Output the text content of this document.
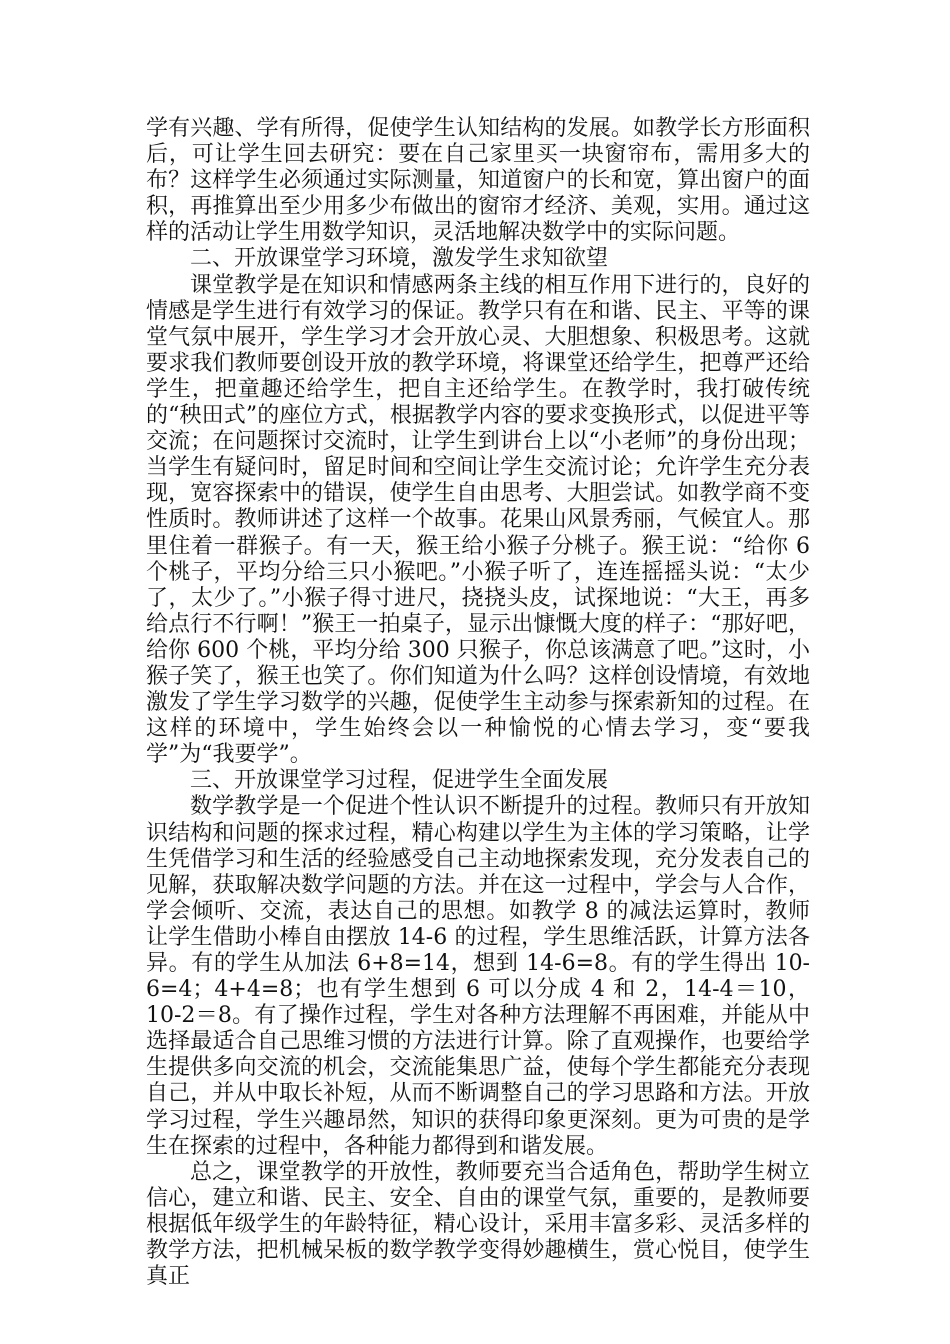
学有兴趣、学有所得，促使学生认知结构的发展。如教学长方形面积后，可让学生回去研究：要在自己家里买一块窗帘布，需用多大的布？这样学生必须通过实际测量，知道窗户的长和宽，算出窗户的面积，再推算出至少用多少布做出的窗帘才经济、美观，实用。通过这样的活动让学生用数学知识，灵活地解决数学中的实际问题。

二、开放课堂学习环境，激发学生求知欲望

课堂教学是在知识和情感两条主线的相互作用下进行的，良好的情感是学生进行有效学习的保证。教学只有在和谐、民主、平等的课堂气氛中展开，学生学习才会开放心灵、大胆想象、积极思考。这就要求我们教师要创设开放的教学环境，将课堂还给学生，把尊严还给学生，把童趣还给学生，把自主还给学生。在教学时，我打破传统的“秧田式”的座位方式，根据教学内容的要求变换形式，以促进平等交流；在问题探讨交流时，让学生到讲台上以“小老师”的身份出现；当学生有疑问时，留足时间和空间让学生交流讨论；允许学生充分表现，宽容探索中的错误，使学生自由思考、大胆尝试。如教学商不变性质时。教师讲述了这样一个故事。花果山风景秀丽，气候宜人。那里住着一群猴子。有一天，猴王给小猴子分桃子。猴王说：“给你 6 个桃子，平均分给三只小猴吧。”小猴子听了，连连摇摇头说：“太少了，太少了。”小猴子得寸进尺，挠挠头皮，试探地说：“大王，再多给点行不行啊！”猴王一拍桌子，显示出慷慨大度的样子：“那好吧，给你 600 个桃，平均分给 300 只猴子，你总该满意了吧。”这时，小猴子笑了，猴王也笑了。你们知道为什么吗？这样创设情境，有效地激发了学生学习数学的兴趣，促使学生主动参与探索新知的过程。在这样的环境中，学生始终会以一种愉悦的心情去学习，变“要我学”为“我要学”。

三、开放课堂学习过程，促进学生全面发展

数学教学是一个促进个性认识不断提升的过程。教师只有开放知识结构和问题的探求过程，精心构建以学生为主体的学习策略，让学生凭借学习和生活的经验感受自己主动地探索发现，充分发表自己的见解，获取解决数学问题的方法。并在这一过程中，学会与人合作，学会倾听、交流，表达自己的思想。如教学 8 的减法运算时，教师让学生借助小棒自由摆放 14-6 的过程，学生思维活跃，计算方法各异。有的学生从加法 6+8=14，想到 14-6=8。有的学生得出 10-6=4；4+4=8；也有学生想到 6 可以分成 4 和 2，14-4＝10，10-2＝8。有了操作过程，学生对各种方法理解不再困难，并能从中选择最适合自己思维习惯的方法进行计算。除了直观操作，也要给学生提供多向交流的机会，交流能集思广益，使每个学生都能充分表现自己，并从中取长补短，从而不断调整自己的学习思路和方法。开放学习过程，学生兴趣昂然，知识的获得印象更深刻。更为可贵的是学生在探索的过程中，各种能力都得到和谐发展。

总之，课堂教学的开放性，教师要充当合适角色，帮助学生树立信心，建立和谐、民主、安全、自由的课堂气氛，重要的，是教师要根据低年级学生的年龄特征，精心设计，采用丰富多彩、灵活多样的教学方法，把机械呆板的数学教学变得妙趣横生，赏心悦目，使学生真正
